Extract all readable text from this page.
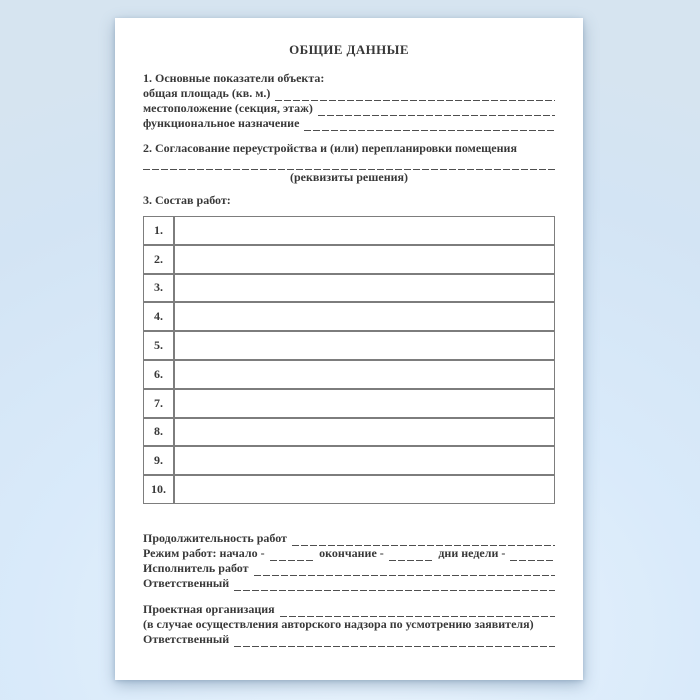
ОБЩИЕ ДАННЫЕ
1. Основные показатели объекта:
общая площадь (кв. м.)
местоположение (секция, этаж)
функциональное назначение
2. Согласование переустройства и (или) перепланировки помещения
(реквизиты решения)
3. Состав работ:
1.	
2.	
3.	
4.	
5.	
6.	
7.	
8.	
9.	
10.	
Продолжительность работ
Режим работ: начало -	окончание -	дни недели -
Исполнитель работ
Ответственный
Проектная организация
(в случае осуществления авторского надзора по усмотрению заявителя)
Ответственный
